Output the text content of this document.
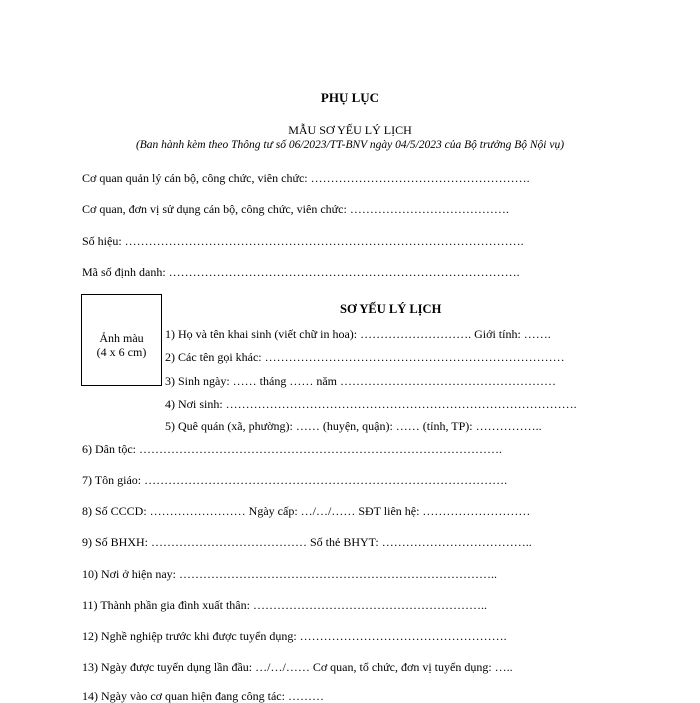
PHỤ LỤC
MẪU SƠ YẾU LÝ LỊCH
(Ban hành kèm theo Thông tư số 06/2023/TT-BNV ngày 04/5/2023 của Bộ trưởng Bộ Nội vụ)
Cơ quan quản lý cán bộ, công chức, viên chức: ……………………………………………….
Cơ quan, đơn vị sử dụng cán bộ, công chức, viên chức: ………………………………….
Số hiệu: ……………………………………………………………………………………….
Mã số định danh: …………………………………………………………………………….
Ảnh màu
(4 x 6 cm)
SƠ YẾU LÝ LỊCH
1) Họ và tên khai sinh (viết chữ in hoa): ………………………. Giới tính: …….
2) Các tên gọi khác: …………………………………………………………………
3) Sinh ngày: …… tháng …… năm ………………………………………………
4) Nơi sinh: …………………………………………………………………………….
5) Quê quán (xã, phường): …… (huyện, quận): …… (tỉnh, TP): ……………..
6) Dân tộc: ……………………………………………………………………………….
7) Tôn giáo: ……………………………………………………………………………….
8) Số CCCD: …………………… Ngày cấp: …/…/…… SĐT liên hệ: ………………………
9) Số BHXH: ………………………………… Số thẻ BHYT: ………………………………..
10) Nơi ở hiện nay: ……………………………………………………………………..
11) Thành phần gia đình xuất thân: …………………………………………………..
12) Nghề nghiệp trước khi được tuyển dụng: …………………………………………….
13) Ngày được tuyển dụng lần đầu: …/…/…… Cơ quan, tổ chức, đơn vị tuyển dụng: …..
14) Ngày vào cơ quan hiện đang công tác: ………
